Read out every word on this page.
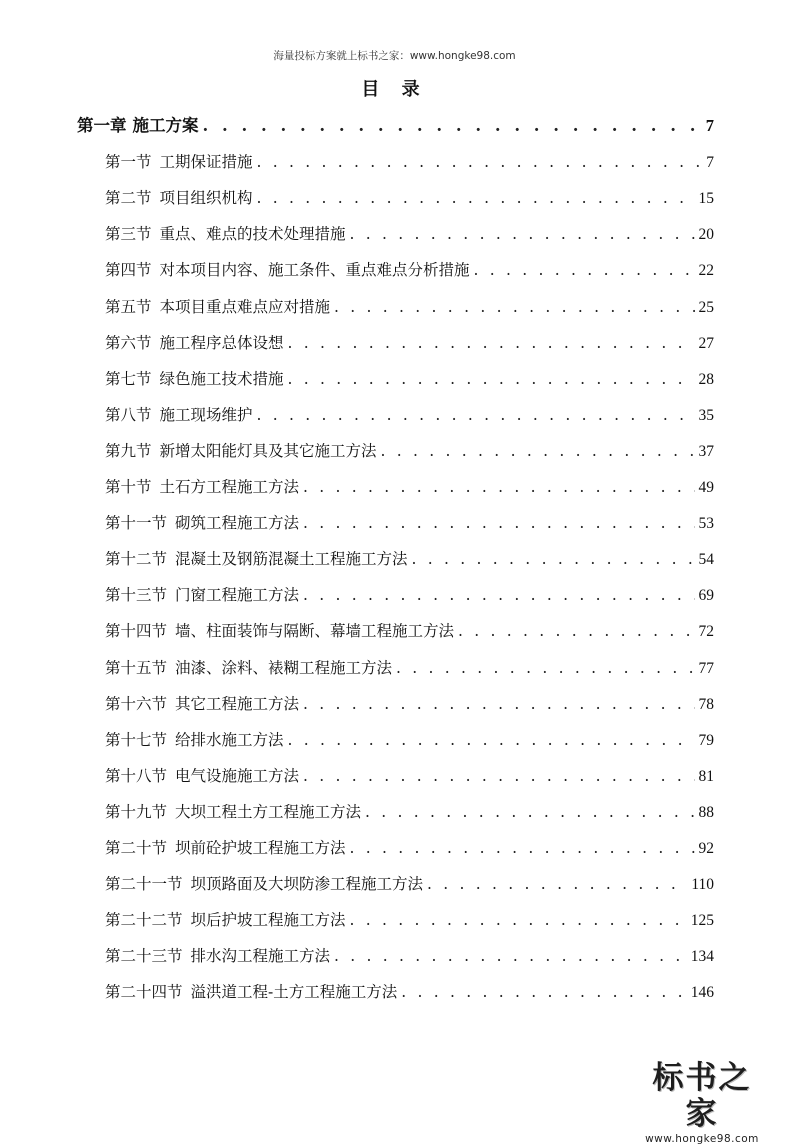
海量投标方案就上标书之家：www.hongke98.com
目 录
第一章 施工方案 . . .	7
第一节 工期保证措施 . . .	7
第二节 项目组织机构 . . .	15
第三节 重点、难点的技术处理措施 . . .	20
第四节 对本项目内容、施工条件、重点难点分析措施 . . .	22
第五节 本项目重点难点应对措施 . . .	25
第六节 施工程序总体设想 . . .	27
第七节 绿色施工技术措施 . . .	28
第八节 施工现场维护 . . .	35
第九节 新增太阳能灯具及其它施工方法 . . .	37
第十节 土石方工程施工方法 . . .	49
第十一节 砌筑工程施工方法 . . .	53
第十二节 混凝土及钢筋混凝土工程施工方法 . . .	54
第十三节 门窗工程施工方法 . . .	69
第十四节 墙、柱面装饰与隔断、幕墙工程施工方法 . . .	72
第十五节 油漆、涂料、裱糊工程施工方法 . . .	77
第十六节 其它工程施工方法 . . .	78
第十七节 给排水施工方法 . . .	79
第十八节 电气设施施工方法 . . .	81
第十九节 大坝工程土方工程施工方法 . . .	88
第二十节 坝前砼护坡工程施工方法 . . .	92
第二十一节 坝顶路面及大坝防渗工程施工方法 . . .	110
第二十二节 坝后护坡工程施工方法 . . .	125
第二十三节 排水沟工程施工方法 . . .	134
第二十四节 溢洪道工程-土方工程施工方法 . . .	146
标书之家
www.hongke98.com
